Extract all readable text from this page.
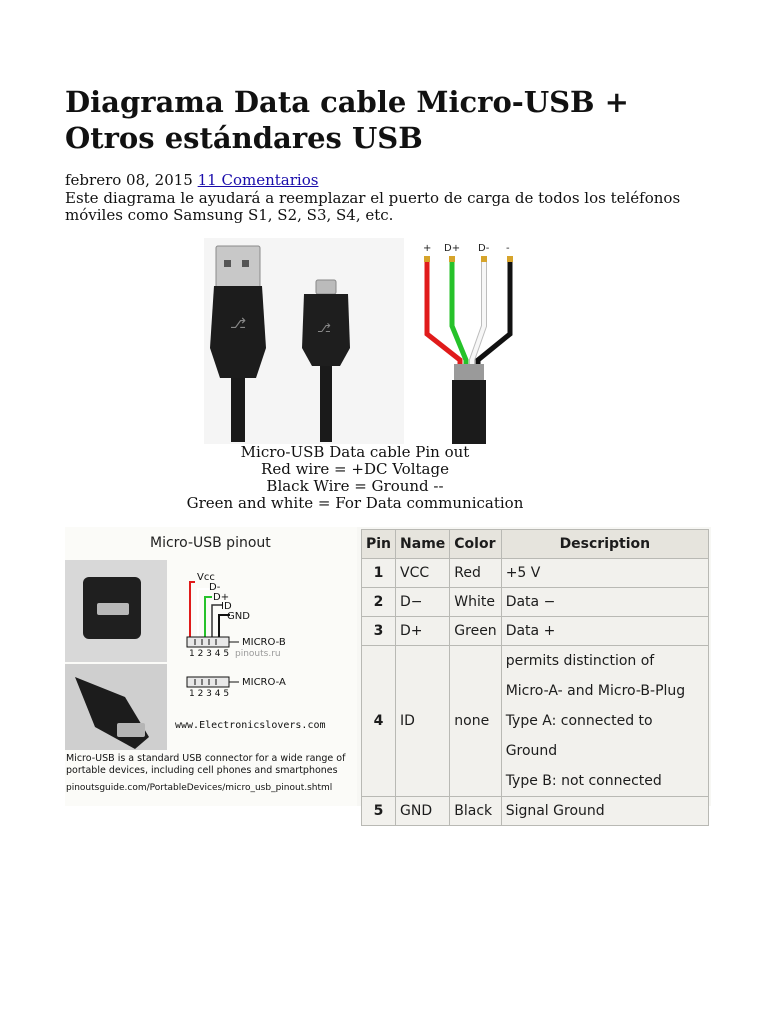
Diagrama Data cable Micro-USB + Otros estándares USB
febrero 08, 2015 11 Comentarios
Este diagrama le ayudará a reemplazar el puerto de carga de todos los teléfonos móviles como Samsung S1, S2, S3, S4, etc.
⎇	⎇
+ D+ D- -
Micro-USB Data cable Pin out
Red wire = +DC Voltage
Black Wire = Ground --
Green and white = For Data communication
Micro-USB pinout
Vcc
D-
D+
ID
GND
MICRO-B
1 2 3 4 5 pinouts.ru
MICRO-A
1 2 3 4 5
www.Electronicslovers.com
Micro-USB is a standard USB connector for a wide range of portable devices, including cell phones and smartphones
pinoutsguide.com/PortableDevices/micro_usb_pinout.shtml
Pin	Name	Color	Description
1	VCC	Red	+5 V
2	D−	White	Data −
3	D+	Green	Data +
4	ID	none	permits distinction of
Micro-A- and Micro-B-Plug
Type A: connected to Ground
Type B: not connected

5	GND	Black	Signal Ground
